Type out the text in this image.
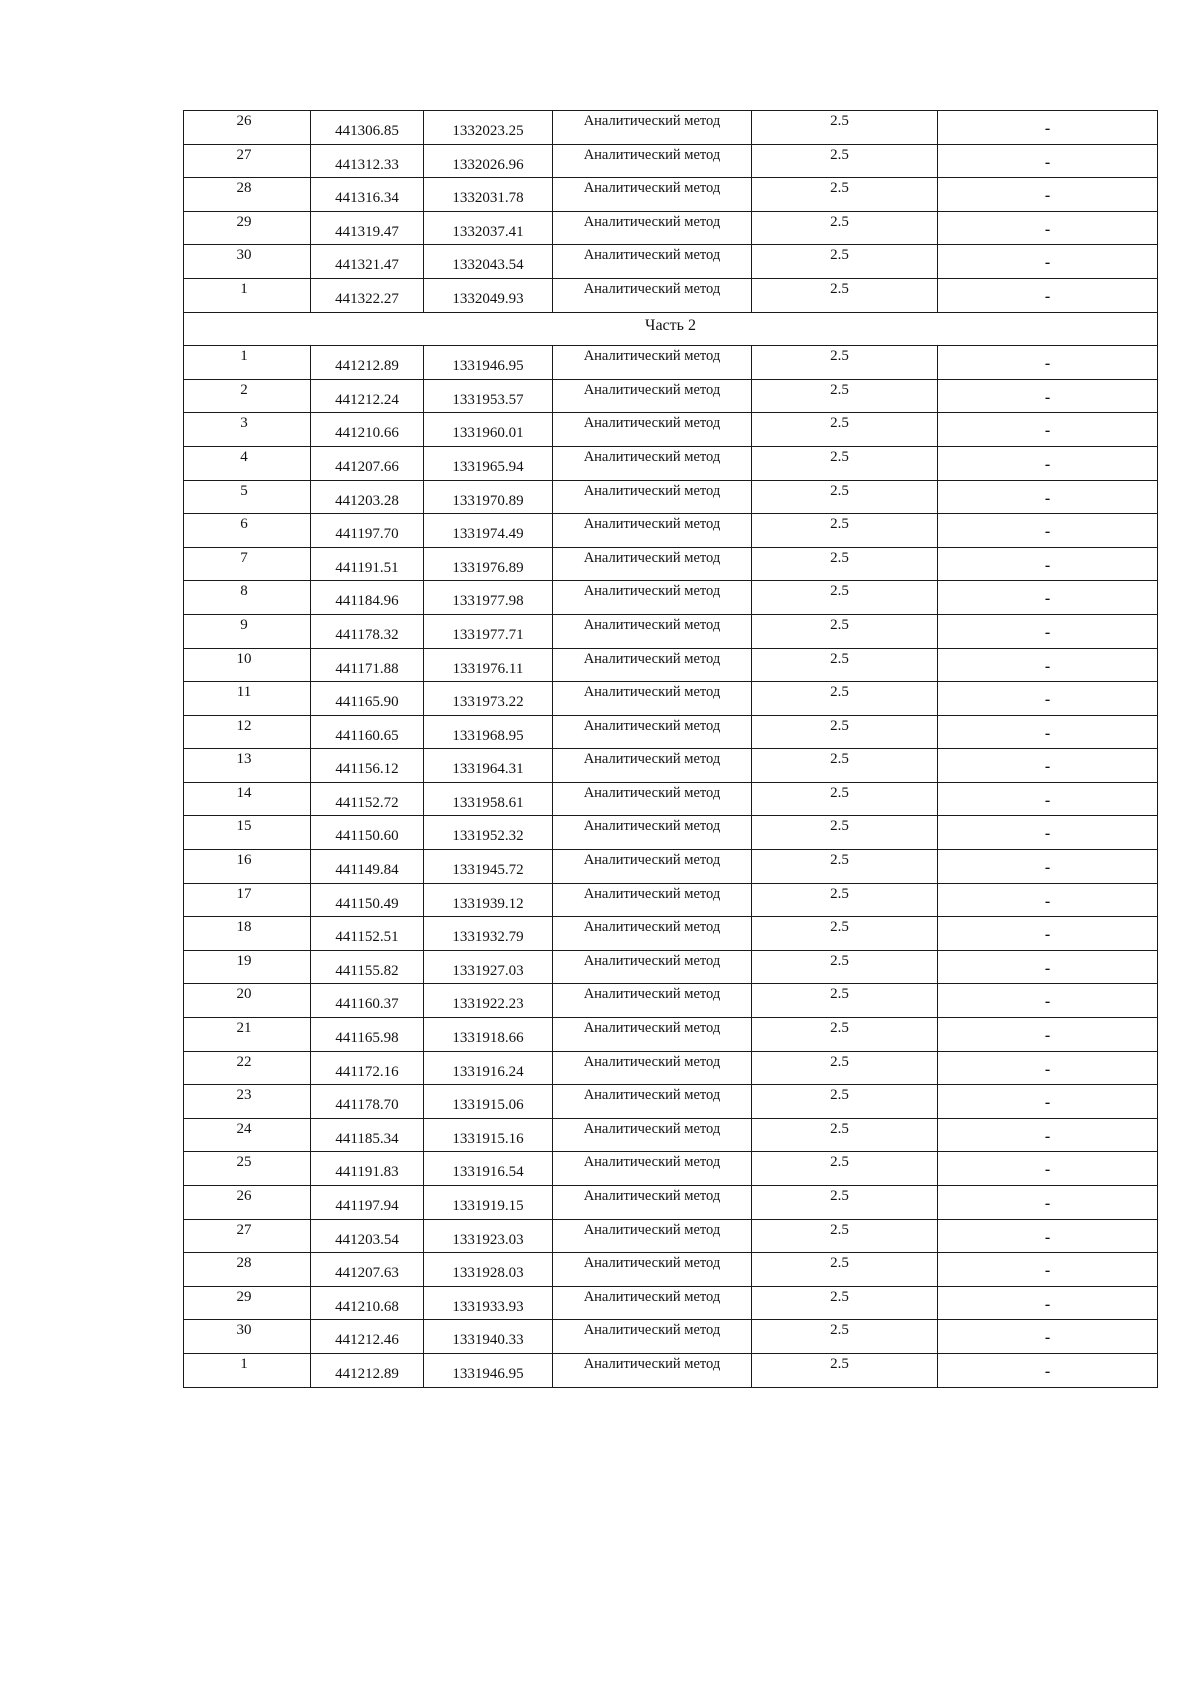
26	441306.85	1332023.25	Аналитический метод	2.5	-

27	441312.33	1332026.96	Аналитический метод	2.5	-

28	441316.34	1332031.78	Аналитический метод	2.5	-

29	441319.47	1332037.41	Аналитический метод	2.5	-

30	441321.47	1332043.54	Аналитический метод	2.5	-

1	441322.27	1332049.93	Аналитический метод	2.5	-

Часть 2					

1	441212.89	1331946.95	Аналитический метод	2.5	-

2	441212.24	1331953.57	Аналитический метод	2.5	-

3	441210.66	1331960.01	Аналитический метод	2.5	-

4	441207.66	1331965.94	Аналитический метод	2.5	-

5	441203.28	1331970.89	Аналитический метод	2.5	-

6	441197.70	1331974.49	Аналитический метод	2.5	-

7	441191.51	1331976.89	Аналитический метод	2.5	-

8	441184.96	1331977.98	Аналитический метод	2.5	-

9	441178.32	1331977.71	Аналитический метод	2.5	-

10	441171.88	1331976.11	Аналитический метод	2.5	-

11	441165.90	1331973.22	Аналитический метод	2.5	-

12	441160.65	1331968.95	Аналитический метод	2.5	-

13	441156.12	1331964.31	Аналитический метод	2.5	-

14	441152.72	1331958.61	Аналитический метод	2.5	-

15	441150.60	1331952.32	Аналитический метод	2.5	-

16	441149.84	1331945.72	Аналитический метод	2.5	-

17	441150.49	1331939.12	Аналитический метод	2.5	-

18	441152.51	1331932.79	Аналитический метод	2.5	-

19	441155.82	1331927.03	Аналитический метод	2.5	-

20	441160.37	1331922.23	Аналитический метод	2.5	-

21	441165.98	1331918.66	Аналитический метод	2.5	-

22	441172.16	1331916.24	Аналитический метод	2.5	-

23	441178.70	1331915.06	Аналитический метод	2.5	-

24	441185.34	1331915.16	Аналитический метод	2.5	-

25	441191.83	1331916.54	Аналитический метод	2.5	-

26	441197.94	1331919.15	Аналитический метод	2.5	-

27	441203.54	1331923.03	Аналитический метод	2.5	-

28	441207.63	1331928.03	Аналитический метод	2.5	-

29	441210.68	1331933.93	Аналитический метод	2.5	-

30	441212.46	1331940.33	Аналитический метод	2.5	-

1	441212.89	1331946.95	Аналитический метод	2.5	-
